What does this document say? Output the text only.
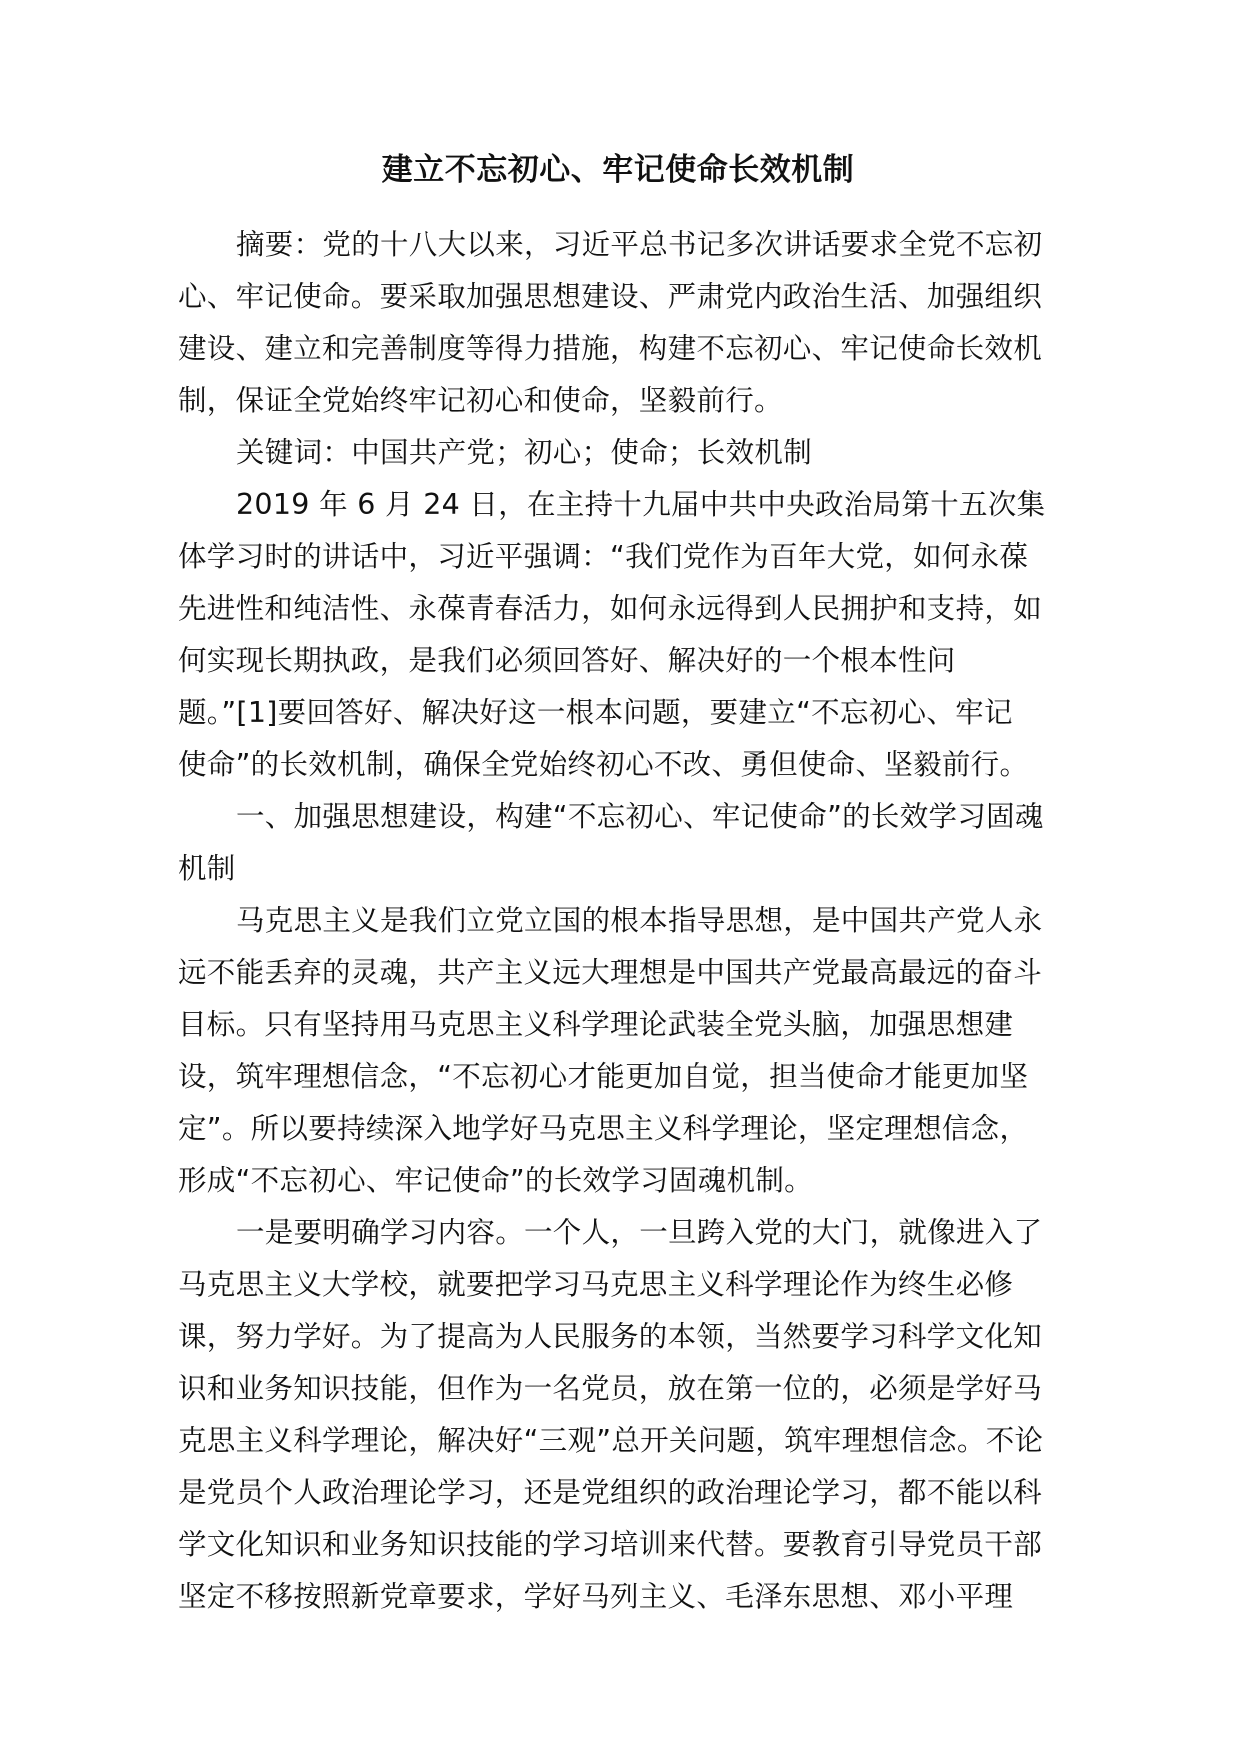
建立不忘初心、牢记使命长效机制
摘要：党的十八大以来，习近平总书记多次讲话要求全党不忘初
心、牢记使命。要采取加强思想建设、严肃党内政治生活、加强组织
建设、建立和完善制度等得力措施，构建不忘初心、牢记使命长效机
制，保证全党始终牢记初心和使命，坚毅前行。
关键词：中国共产党；初心；使命；长效机制
2019 年 6 月 24 日，在主持十九届中共中央政治局第十五次集
体学习时的讲话中，习近平强调：“我们党作为百年大党，如何永葆
先进性和纯洁性、永葆青春活力，如何永远得到人民拥护和支持，如
何实现长期执政，是我们必须回答好、解决好的一个根本性问
题。”[1]要回答好、解决好这一根本问题，要建立“不忘初心、牢记
使命”的长效机制，确保全党始终初心不改、勇但使命、坚毅前行。
一、加强思想建设，构建“不忘初心、牢记使命”的长效学习固魂
机制
马克思主义是我们立党立国的根本指导思想，是中国共产党人永
远不能丢弃的灵魂，共产主义远大理想是中国共产党最高最远的奋斗
目标。只有坚持用马克思主义科学理论武装全党头脑，加强思想建
设，筑牢理想信念，“不忘初心才能更加自觉，担当使命才能更加坚
定”。所以要持续深入地学好马克思主义科学理论，坚定理想信念，
形成“不忘初心、牢记使命”的长效学习固魂机制。
一是要明确学习内容。一个人，一旦跨入党的大门，就像进入了
马克思主义大学校，就要把学习马克思主义科学理论作为终生必修
课，努力学好。为了提高为人民服务的本领，当然要学习科学文化知
识和业务知识技能，但作为一名党员，放在第一位的，必须是学好马
克思主义科学理论，解决好“三观”总开关问题，筑牢理想信念。不论
是党员个人政治理论学习，还是党组织的政治理论学习，都不能以科
学文化知识和业务知识技能的学习培训来代替。要教育引导党员干部
坚定不移按照新党章要求，学好马列主义、毛泽东思想、邓小平理
